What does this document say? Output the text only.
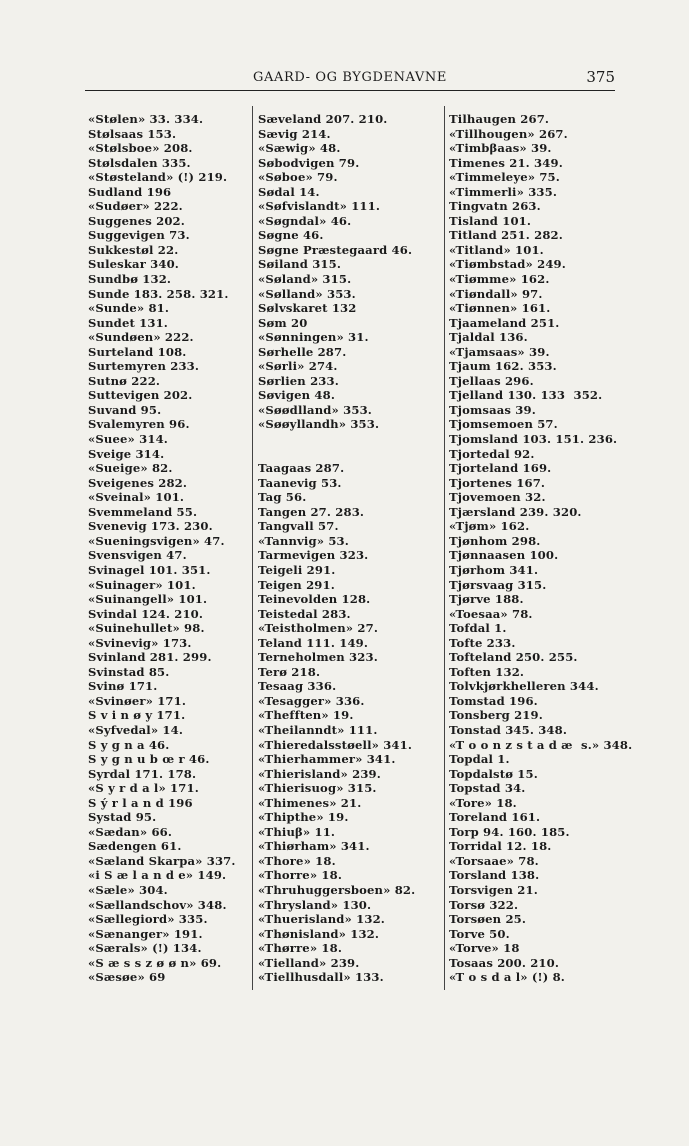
GAARD- OG BYGDENAVNE	375
«Stølen» 33. 334.
Stølsaas 153.
«Stølsboe» 208.
Stølsdalen 335.
«Støsteland» (!) 219.
Sudland 196
«Sudøer» 222.
Suggenes 202.
Suggevigen 73.
Sukkestøl 22.
Suleskar 340.
Sundbø 132.
Sunde 183. 258. 321.
«Sunde» 81.
Sundet 131.
«Sundøen» 222.
Surteland 108.
Surtemyren 233.
Sutnø 222.
Suttevigen 202.
Suvand 95.
Svalemyren 96.
«Suee» 314.
Sveige 314.
«Sueige» 82.
Sveigenes 282.
«Sveinal» 101.
Svemmeland 55.
Svenevig 173. 230.
«Sueningsvigen» 47.
Svensvigen 47.
Svinagel 101. 351.
«Suinager» 101.
«Suinangell» 101.
Svindal 124. 210.
«Suinehullet» 98.
«Svinevig» 173.
Svinland 281. 299.
Svinstad 85.
Svinø 171.
«Svinøer» 171.
S v i n ø y 171.
«Syfvedal» 14.
S y g n a 46.
S y g n u b œ r 46.
Syrdal 171. 178.
«S y r d a l» 171.
S ý r l a n d 196
Systad 95.
«Sædan» 66.
Sædengen 61.
«Sæland Skarpa» 337.
«i S æ l a n d e» 149.
«Sæle» 304.
«Sællandschov» 348.
«Sællegiord» 335.
«Sænanger» 191.
«Særals» (!) 134.
«S æ s s z ø ø n» 69.
«Sæsøe» 69
Sæveland 207. 210.
Sævig 214.
«Sæwig» 48.
Søbodvigen 79.
«Søboe» 79.
Sødal 14.
«Søfvislandt» 111.
«Søgndal» 46.
Søgne 46.
Søgne Præstegaard 46.
Søiland 315.
«Søland» 315.
«Sølland» 353.
Sølvskaret 132
Søm 20
«Sønningen» 31.
Sørhelle 287.
«Sørli» 274.
Sørlien 233.
Søvigen 48.
«Søødlland» 353.
«Søøyllandh» 353.
Taagaas 287.
Taanevig 53.
Tag 56.
Tangen 27. 283.
Tangvall 57.
«Tannvig» 53.
Tarmevigen 323.
Teigeli 291.
Teigen 291.
Teinevolden 128.
Teistedal 283.
«Teistholmen» 27.
Teland 111. 149.
Terneholmen 323.
Terø 218.
Tesaag 336.
«Tesagger» 336.
«Thefften» 19.
«Theilanndt» 111.
«Thieredalsstøell» 341.
«Thierhammer» 341.
«Thierisland» 239.
«Thierisuog» 315.
«Thimenes» 21.
«Thipthe» 19.
«Thiuβ» 11.
«Thiørham» 341.
«Thore» 18.
«Thorre» 18.
«Thruhuggersboen» 82.
«Thrysland» 130.
«Thuerisland» 132.
«Thønisland» 132.
«Thørre» 18.
«Tielland» 239.
«Tiellhusdall» 133.
Tilhaugen 267.
«Tillhougen» 267.
«Timbβaas» 39.
Timenes 21. 349.
«Timmeleye» 75.
«Timmerli» 335.
Tingvatn 263.
Tisland 101.
Titland 251. 282.
«Titland» 101.
«Tiømbstad» 249.
«Tiømme» 162.
«Tiøndall» 97.
«Tiønnen» 161.
Tjaameland 251.
Tjaldal 136.
«Tjamsaas» 39.
Tjaum 162. 353.
Tjellaas 296.
Tjelland 130. 133  352.
Tjomsaas 39.
Tjomsemoen 57.
Tjomsland 103. 151. 236.
Tjortedal 92.
Tjorteland 169.
Tjortenes 167.
Tjovemoen 32.
Tjærsland 239. 320.
«Tjøm» 162.
Tjønhom 298.
Tjønnaasen 100.
Tjørhom 341.
Tjørsvaag 315.
Tjørve 188.
«Toesaa» 78.
Tofdal 1.
Tofte 233.
Tofteland 250. 255.
Toften 132.
Tolvkjørkhelleren 344.
Tomstad 196.
Tonsberg 219.
Tonstad 345. 348.
«T o o n z s t a d æ  s.» 348.
Topdal 1.
Topdalstø 15.
Topstad 34.
«Tore» 18.
Toreland 161.
Torp 94. 160. 185.
Torridal 12. 18.
«Torsaae» 78.
Torsland 138.
Torsvigen 21.
Torsø 322.
Torsøen 25.
Torve 50.
«Torve» 18
Tosaas 200. 210.
«T o s d a l» (!) 8.
